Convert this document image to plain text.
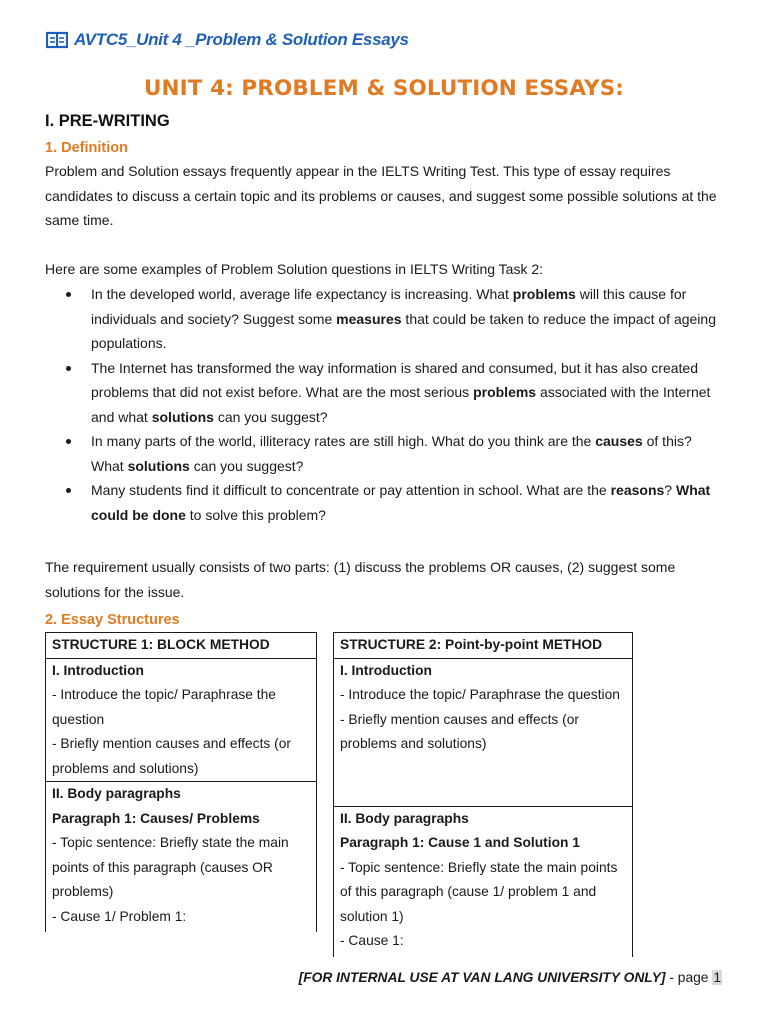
AVTC5_Unit 4 _Problem & Solution Essays
UNIT 4: PROBLEM & SOLUTION ESSAYS:
I. PRE-WRITING
1. Definition
Problem and Solution essays frequently appear in the IELTS Writing Test. This type of essay requires candidates to discuss a certain topic and its problems or causes, and suggest some possible solutions at the same time.
Here are some examples of Problem Solution questions in IELTS Writing Task 2:
In the developed world, average life expectancy is increasing. What problems will this cause for individuals and society? Suggest some measures that could be taken to reduce the impact of ageing populations.
The Internet has transformed the way information is shared and consumed, but it has also created problems that did not exist before. What are the most serious problems associated with the Internet and what solutions can you suggest?
In many parts of the world, illiteracy rates are still high. What do you think are the causes of this? What solutions can you suggest?
Many students find it difficult to concentrate or pay attention in school. What are the reasons? What could be done to solve this problem?
The requirement usually consists of two parts: (1) discuss the problems OR causes, (2) suggest some solutions for the issue.
2. Essay Structures
STRUCTURE 1: BLOCK METHOD

I. Introduction
- Introduce the topic/ Paraphrase the question
- Briefly mention causes and effects (or problems and solutions)

II. Body paragraphs
Paragraph 1: Causes/ Problems
- Topic sentence: Briefly state the main points of this paragraph (causes OR problems)
- Cause 1/ Problem 1:
STRUCTURE 2: Point-by-point METHOD

I. Introduction
- Introduce the topic/ Paraphrase the question
- Briefly mention causes and effects (or problems and solutions)

II. Body paragraphs
Paragraph 1: Cause 1 and Solution 1
- Topic sentence: Briefly state the main points of this paragraph (cause 1/ problem 1 and solution 1)
- Cause 1:
[FOR INTERNAL USE AT VAN LANG UNIVERSITY ONLY] - page 1
